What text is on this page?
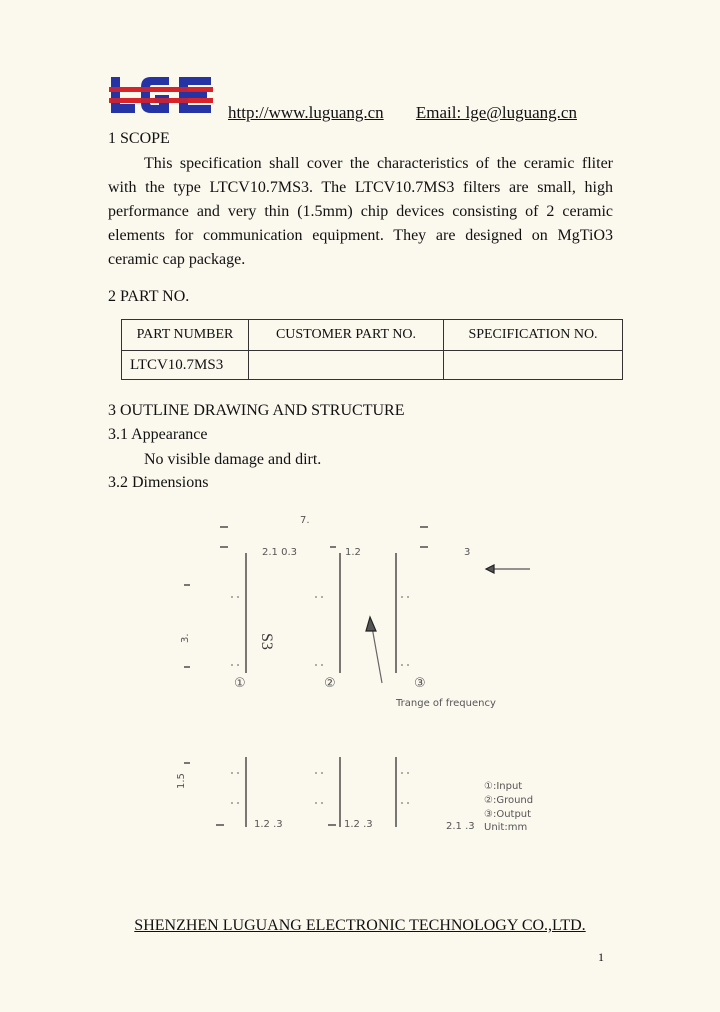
http://www.luguang.cn Email: lge@luguang.cn
1 SCOPE
This specification shall cover the characteristics of the ceramic fliter with the type LTCV10.7MS3. The LTCV10.7MS3 filters are small, high performance and very thin (1.5mm) chip devices consisting of 2 ceramic elements for communication equipment. They are designed on MgTiO3 ceramic cap package.
2 PART NO.
PART NUMBER	CUSTOMER PART NO.	SPECIFICATION NO.
LTCV10.7MS3		
3 OUTLINE DRAWING AND STRUCTURE
3.1 Appearance
No visible damage and dirt.
3.2 Dimensions
7.
2.1 0.3	1.2	3
3.	S3
①	②	③
Trange of frequency
1.5
1.2 .3	1.2 .3	2.1 .3
①:Input
②:Ground
③:Output
Unit:mm
SHENZHEN LUGUANG ELECTRONIC TECHNOLOGY CO.,LTD.
1
